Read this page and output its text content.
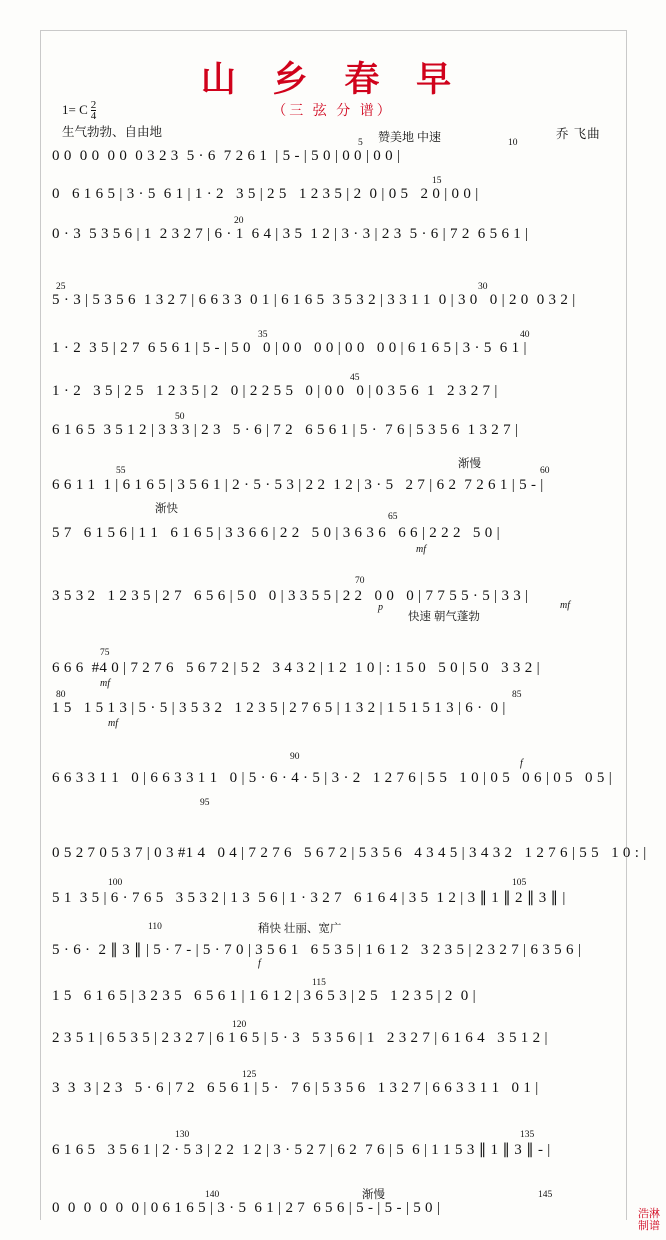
山 乡 春 早
（三 弦 分 谱）
1= C $\frac{2}{4}$
生气勃勃、自由地	赞美地 中速	乔 飞曲
0 0  0 0  0 0  0 3 2 3  5 · 6  7 2 6 1  | 5 - | 5 0 | 0 0 | 0 0 |
0   6 1 6 5 | 3 · 5  6 1 | 1 · 2   3 5 | 2 5   1 2 3 5 | 2  0 | 0 5   2 0 | 0 0 |
0 · 3  5 3 5 6 | 1  2 3 2 7 | 6 · 1  6 4 | 3 5  1 2 | 3 · 3 | 2 3  5 · 6 | 7 2  6 5 6 1 |
5 · 3 | 5 3 5 6  1 3 2 7 | 6 6 3 3  0 1 | 6 1 6 5  3 5 3 2 | 3 3 1 1  0 | 3 0   0 | 2 0  0 3 2 |
1 · 2  3 5 | 2 7  6 5 6 1 | 5 - | 5 0   0 | 0 0   0 0 | 0 0   0 0 | 6 1 6 5 | 3 · 5  6 1 |
1 · 2   3 5 | 2 5   1 2 3 5 | 2   0 | 2 2 5 5   0 | 0 0   0 | 0 3 5 6  1   2 3 2 7 |
6 1 6 5  3 5 1 2 | 3 3 3 | 2 3   5 · 6 | 7 2   6 5 6 1 | 5 ·  7 6 | 5 3 5 6  1 3 2 7 |
6 6 1 1  1 | 6 1 6 5 | 3 5 6 1 | 2 · 5 · 5 3 | 2 2  1 2 | 3 · 5   2 7 | 6 2  7 2 6 1 | 5 - |
5 7   6 1 5 6 | 1 1   6 1 6 5 | 3 3 6 6 | 2 2   5 0 | 3 6 3 6   6 6 | 2 2 2   5 0 |
3 5 3 2   1 2 3 5 | 2 7   6 5 6 | 5 0   0 | 3 3 5 5 | 2 2   0 0   0 | 7 7 5 5 · 5 | 3 3 |
6 6 6  #4 0 | 7 2 7 6   5 6 7 2 | 5 2   3 4 3 2 | 1 2  1 0 | : 1 5 0   5 0 | 5 0   3 3 2 |
1 5   1 5 1 3 | 5 · 5 | 3 5 3 2   1 2 3 5 | 2 7 6 5 | 1 3 2 | 1 5 1 5 1 3 | 6 ·  0 |
6 6 3 3 1 1   0 | 6 6 3 3 1 1   0 | 5 · 6 · 4 · 5 | 3 · 2   1 2 7 6 | 5 5   1 0 | 0 5   0 6 | 0 5   0 5 |
0 5 2 7 0 5 3 7 | 0 3 #1 4   0 4 | 7 2 7 6   5 6 7 2 | 5 3 5 6   4 3 4 5 | 3 4 3 2   1 2 7 6 | 5 5   1 0 : |
5 1  3 5 | 6 · 7 6 5   3 5 3 2 | 1 3  5 6 | 1 · 3 2 7   6 1 6 4 | 3 5  1 2 | 3 ∥ 1 ∥ 2 ∥ 3 ∥ |
5 · 6 ·  2 ∥ 3 ∥ | 5 · 7 - | 5 · 7 0 | 3 5 6 1   6 5 3 5 | 1 6 1 2   3 2 3 5 | 2 3 2 7 | 6 3 5 6 |
1 5   6 1 6 5 | 3 2 3 5   6 5 6 1 | 1 6 1 2 | 3 6 5 3 | 2 5   1 2 3 5 | 2  0 |
2 3 5 1 | 6 5 3 5 | 2 3 2 7 | 6 1 6 5 | 5 · 3   5 3 5 6 | 1   2 3 2 7 | 6 1 6 4   3 5 1 2 |
3  3  3 | 2 3   5 · 6 | 7 2   6 5 6 1 | 5 ·   7 6 | 5 3 5 6   1 3 2 7 | 6 6 3 3 1 1   0 1 |
6 1 6 5   3 5 6 1 | 2 · 5 3 | 2 2  1 2 | 3 · 5 2 7 | 6 2  7 6 | 5  6 | 1 1 5 3 ∥ 1 ∥ 3 ∥ - |
0  0  0  0  0  0 | 0 6 1 6 5 | 3 · 5  6 1 | 2 7  6 5 6 | 5 - | 5 - | 5 0 |
5	10
15
20
25	30
35	40
45
50
55	60
65
70
75
80	85
90
95
100	105
110
115
120
125
130	135
140	145
渐慢
渐快
快速 朝气蓬勃
稍快 壮丽、宽广
渐慢
mf
p	mf
mf
mf
f
f
浩淋
制谱
